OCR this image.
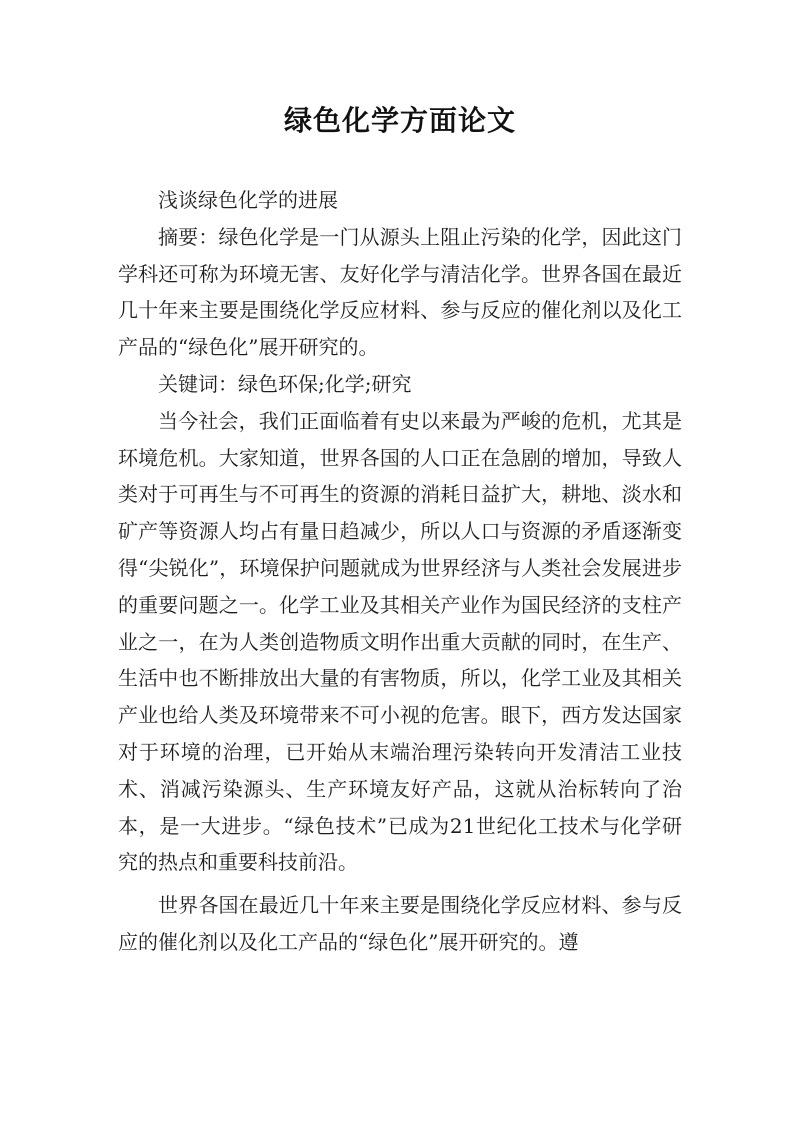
绿色化学方面论文

浅谈绿色化学的进展

摘要：绿色化学是一门从源头上阻止污染的化学，因此这门学科还可称为环境无害、友好化学与清洁化学。世界各国在最近几十年来主要是围绕化学反应材料、参与反应的催化剂以及化工产品的“绿色化”展开研究的。

关键词：绿色环保;化学;研究

当今社会，我们正面临着有史以来最为严峻的危机，尤其是环境危机。大家知道，世界各国的人口正在急剧的增加，导致人类对于可再生与不可再生的资源的消耗日益扩大，耕地、淡水和矿产等资源人均占有量日趋减少，所以人口与资源的矛盾逐渐变得“尖锐化”，环境保护问题就成为世界经济与人类社会发展进步的重要问题之一。化学工业及其相关产业作为国民经济的支柱产业之一，在为人类创造物质文明作出重大贡献的同时，在生产、生活中也不断排放出大量的有害物质，所以，化学工业及其相关产业也给人类及环境带来不可小视的危害。眼下，西方发达国家对于环境的治理，已开始从末端治理污染转向开发清洁工业技术、消减污染源头、生产环境友好产品，这就从治标转向了治本，是一大进步。“绿色技术”已成为21世纪化工技术与化学研究的热点和重要科技前沿。

世界各国在最近几十年来主要是围绕化学反应材料、参与反应的催化剂以及化工产品的“绿色化”展开研究的。遵
